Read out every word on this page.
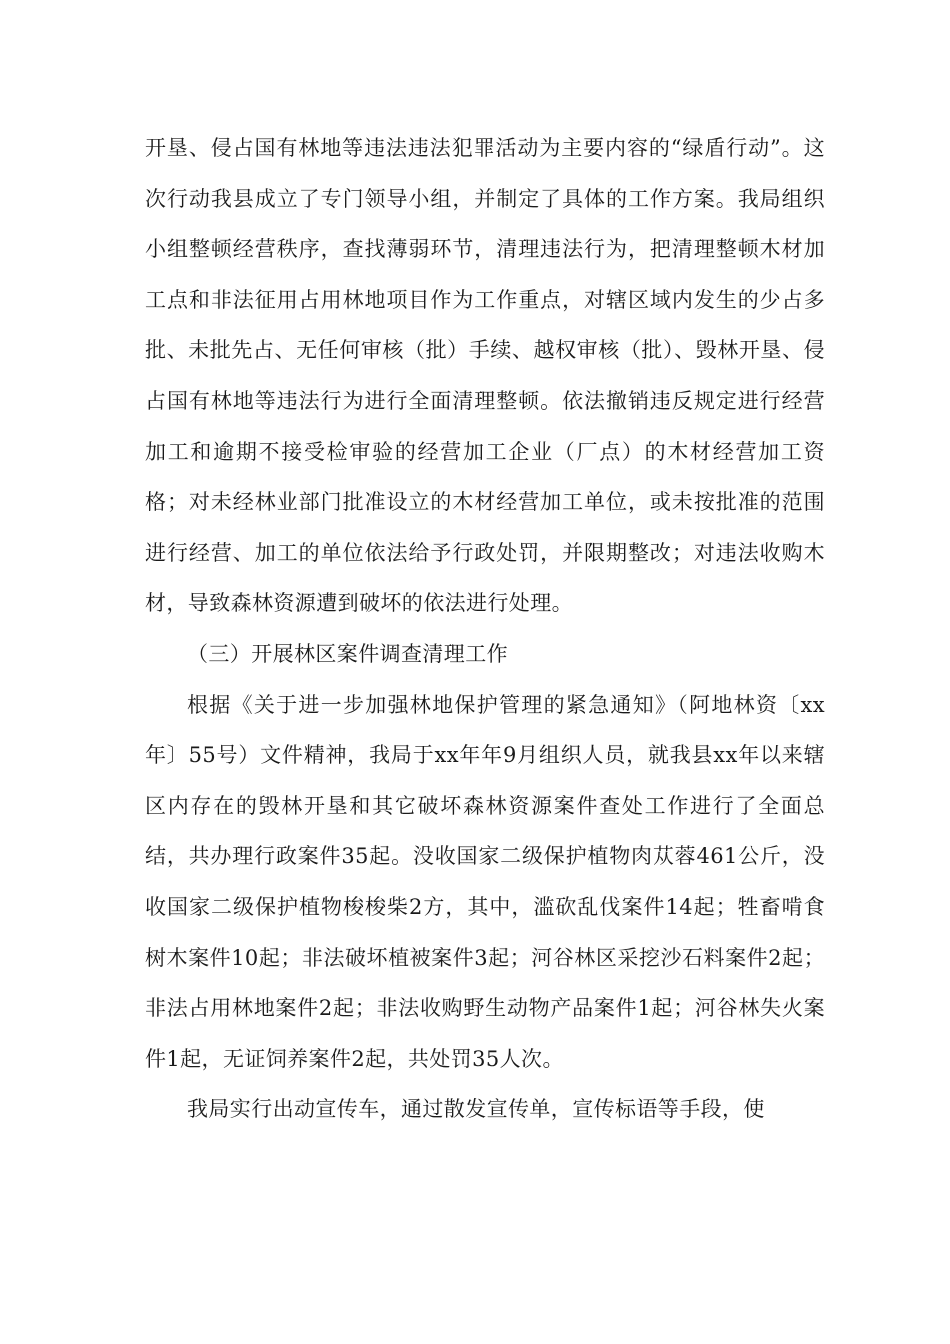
开垦、侵占国有林地等违法违法犯罪活动为主要内容的“绿盾行动”。这次行动我县成立了专门领导小组，并制定了具体的工作方案。我局组织小组整顿经营秩序，查找薄弱环节，清理违法行为，把清理整顿木材加工点和非法征用占用林地项目作为工作重点，对辖区域内发生的少占多批、未批先占、无任何审核（批）手续、越权审核（批）、毁林开垦、侵占国有林地等违法行为进行全面清理整顿。依法撤销违反规定进行经营加工和逾期不接受检审验的经营加工企业（厂点）的木材经营加工资格；对未经林业部门批准设立的木材经营加工单位，或未按批准的范围进行经营、加工的单位依法给予行政处罚，并限期整改；对违法收购木材，导致森林资源遭到破坏的依法进行处理。

（三）开展林区案件调查清理工作

根据《关于进一步加强林地保护管理的紧急通知》（阿地林资〔xx年〕55号）文件精神，我局于xx年年9月组织人员，就我县xx年以来辖区内存在的毁林开垦和其它破坏森林资源案件查处工作进行了全面总结，共办理行政案件35起。没收国家二级保护植物肉苁蓉461公斤，没收国家二级保护植物梭梭柴2方，其中，滥砍乱伐案件14起；牲畜啃食树木案件10起；非法破坏植被案件3起；河谷林区采挖沙石料案件2起；非法占用林地案件2起；非法收购野生动物产品案件1起；河谷林失火案件1起，无证饲养案件2起，共处罚35人次。

我局实行出动宣传车，通过散发宣传单，宣传标语等手段，使
